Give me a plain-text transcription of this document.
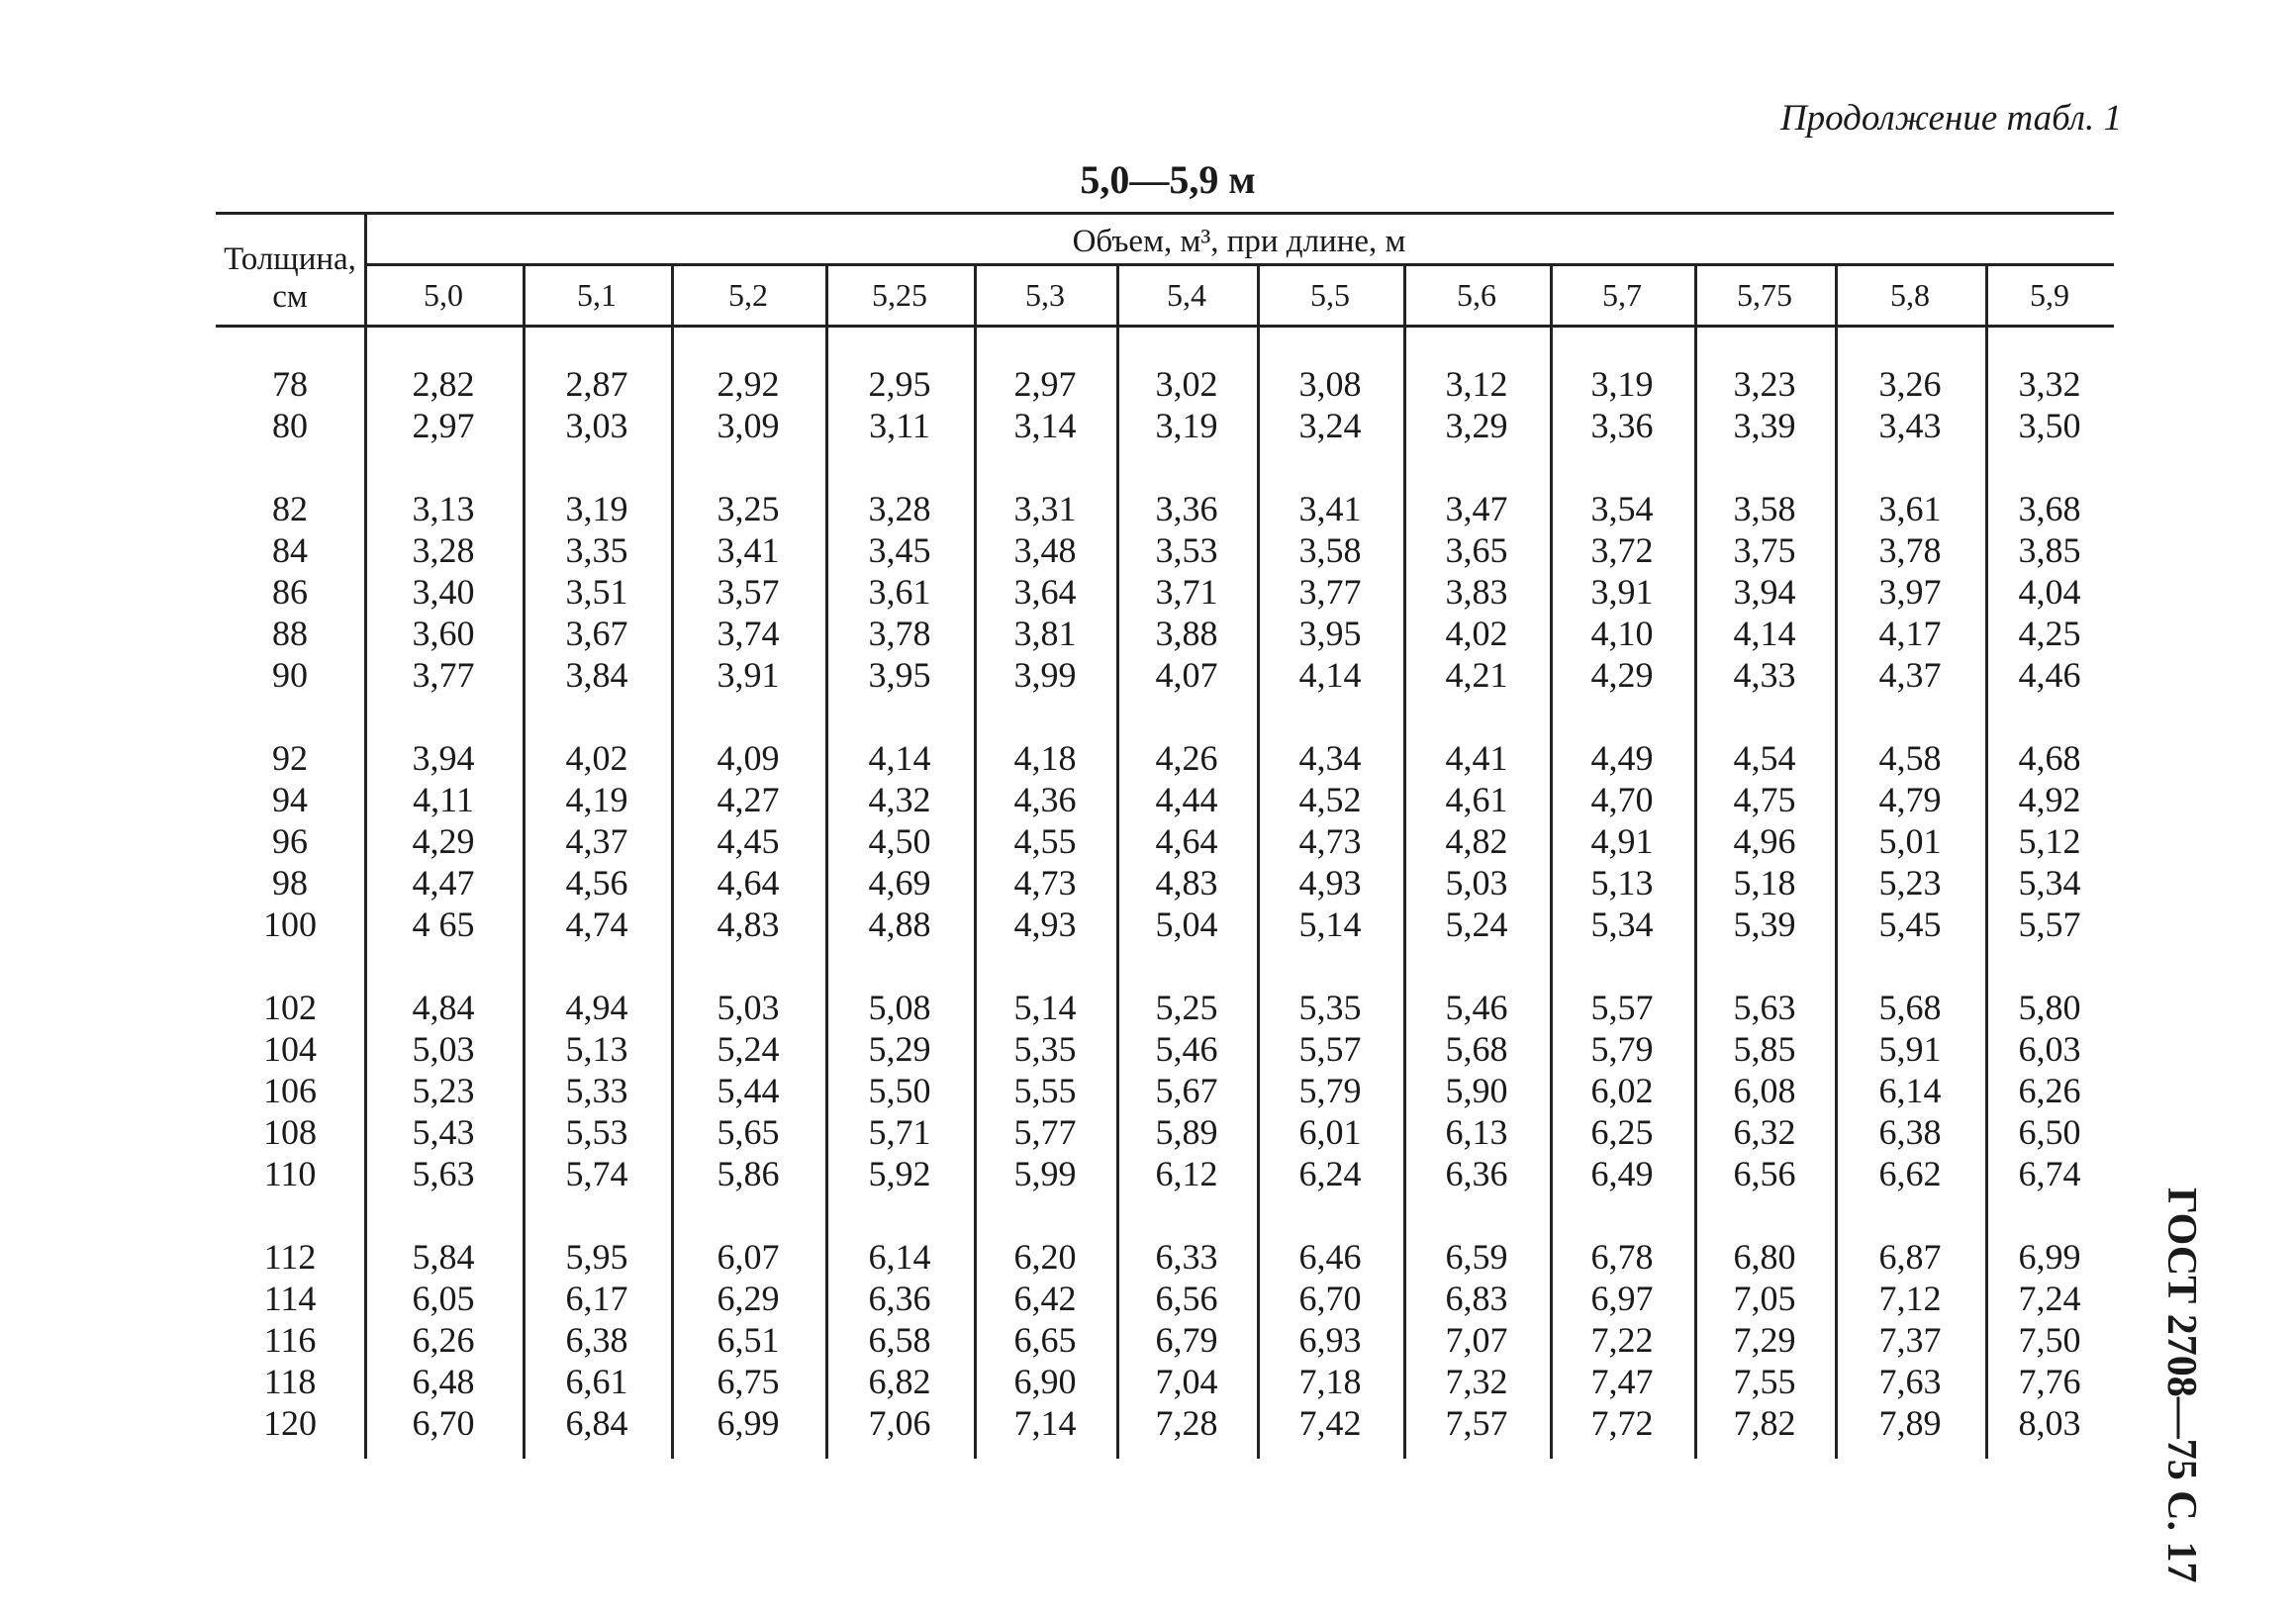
Продолжение табл. 1
5,0—5,9 м
ГОСТ 2708—75 С. 17
Толщина,
см
Объем, м³, при длине, м
5,0	5,1	5,2	5,25	5,3	5,4	5,5	5,6	5,7	5,75	5,8	5,9
78	2,82	2,87	2,92	2,95	2,97	3,02	3,08	3,12	3,19	3,23	3,26	3,32
80	2,97	3,03	3,09	3,11	3,14	3,19	3,24	3,29	3,36	3,39	3,43	3,50
82	3,13	3,19	3,25	3,28	3,31	3,36	3,41	3,47	3,54	3,58	3,61	3,68
84	3,28	3,35	3,41	3,45	3,48	3,53	3,58	3,65	3,72	3,75	3,78	3,85
86	3,40	3,51	3,57	3,61	3,64	3,71	3,77	3,83	3,91	3,94	3,97	4,04
88	3,60	3,67	3,74	3,78	3,81	3,88	3,95	4,02	4,10	4,14	4,17	4,25
90	3,77	3,84	3,91	3,95	3,99	4,07	4,14	4,21	4,29	4,33	4,37	4,46
92	3,94	4,02	4,09	4,14	4,18	4,26	4,34	4,41	4,49	4,54	4,58	4,68
94	4,11	4,19	4,27	4,32	4,36	4,44	4,52	4,61	4,70	4,75	4,79	4,92
96	4,29	4,37	4,45	4,50	4,55	4,64	4,73	4,82	4,91	4,96	5,01	5,12
98	4,47	4,56	4,64	4,69	4,73	4,83	4,93	5,03	5,13	5,18	5,23	5,34
100	4 65	4,74	4,83	4,88	4,93	5,04	5,14	5,24	5,34	5,39	5,45	5,57
102	4,84	4,94	5,03	5,08	5,14	5,25	5,35	5,46	5,57	5,63	5,68	5,80
104	5,03	5,13	5,24	5,29	5,35	5,46	5,57	5,68	5,79	5,85	5,91	6,03
106	5,23	5,33	5,44	5,50	5,55	5,67	5,79	5,90	6,02	6,08	6,14	6,26
108	5,43	5,53	5,65	5,71	5,77	5,89	6,01	6,13	6,25	6,32	6,38	6,50
110	5,63	5,74	5,86	5,92	5,99	6,12	6,24	6,36	6,49	6,56	6,62	6,74
112	5,84	5,95	6,07	6,14	6,20	6,33	6,46	6,59	6,78	6,80	6,87	6,99
114	6,05	6,17	6,29	6,36	6,42	6,56	6,70	6,83	6,97	7,05	7,12	7,24
116	6,26	6,38	6,51	6,58	6,65	6,79	6,93	7,07	7,22	7,29	7,37	7,50
118	6,48	6,61	6,75	6,82	6,90	7,04	7,18	7,32	7,47	7,55	7,63	7,76
120	6,70	6,84	6,99	7,06	7,14	7,28	7,42	7,57	7,72	7,82	7,89	8,03
